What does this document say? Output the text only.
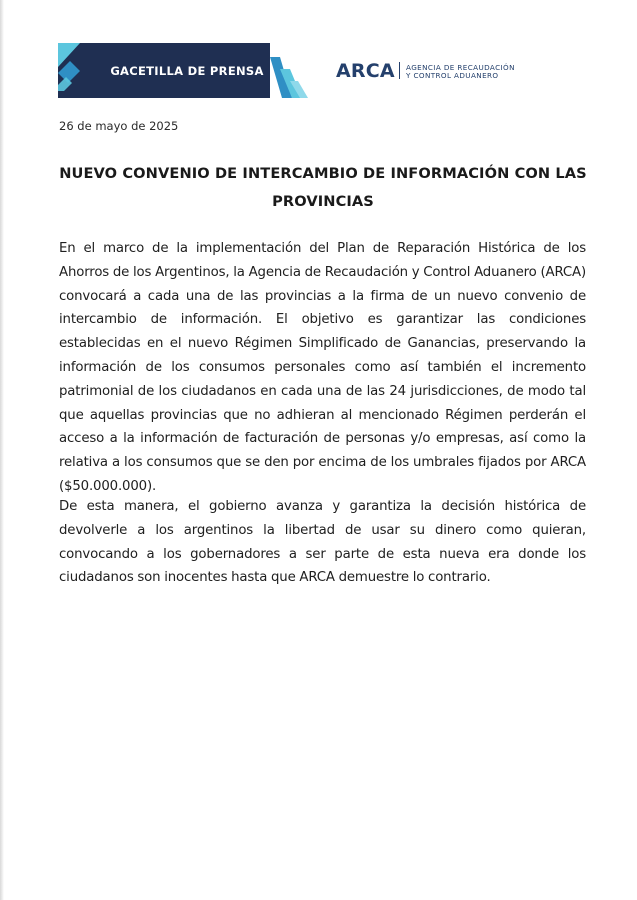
GACETILLA DE PRENSA	ARCA AGENCIA DE RECAUDACIÓN
Y CONTROL ADUANERO
26 de mayo de 2025
NUEVO CONVENIO DE INTERCAMBIO DE INFORMACIÓN CON LAS PROVINCIAS

En el marco de la implementación del Plan de Reparación Histórica de los Ahorros de los Argentinos, la Agencia de Recaudación y Control Aduanero (ARCA) convocará a cada una de las provincias a la firma de un nuevo convenio de intercambio de información. El objetivo es garantizar las condiciones establecidas en el nuevo Régimen Simplificado de Ganancias, preservando la información de los consumos personales como así también el incremento patrimonial de los ciudadanos en cada una de las 24 jurisdicciones, de modo tal que aquellas provincias que no adhieran al mencionado Régimen perderán el acceso a la información de facturación de personas y/o empresas, así como la relativa a los consumos que se den por encima de los umbrales fijados por ARCA ($50.000.000).

De esta manera, el gobierno avanza y garantiza la decisión histórica de devolverle a los argentinos la libertad de usar su dinero como quieran, convocando a los gobernadores a ser parte de esta nueva era donde los ciudadanos son inocentes hasta que ARCA demuestre lo contrario.
